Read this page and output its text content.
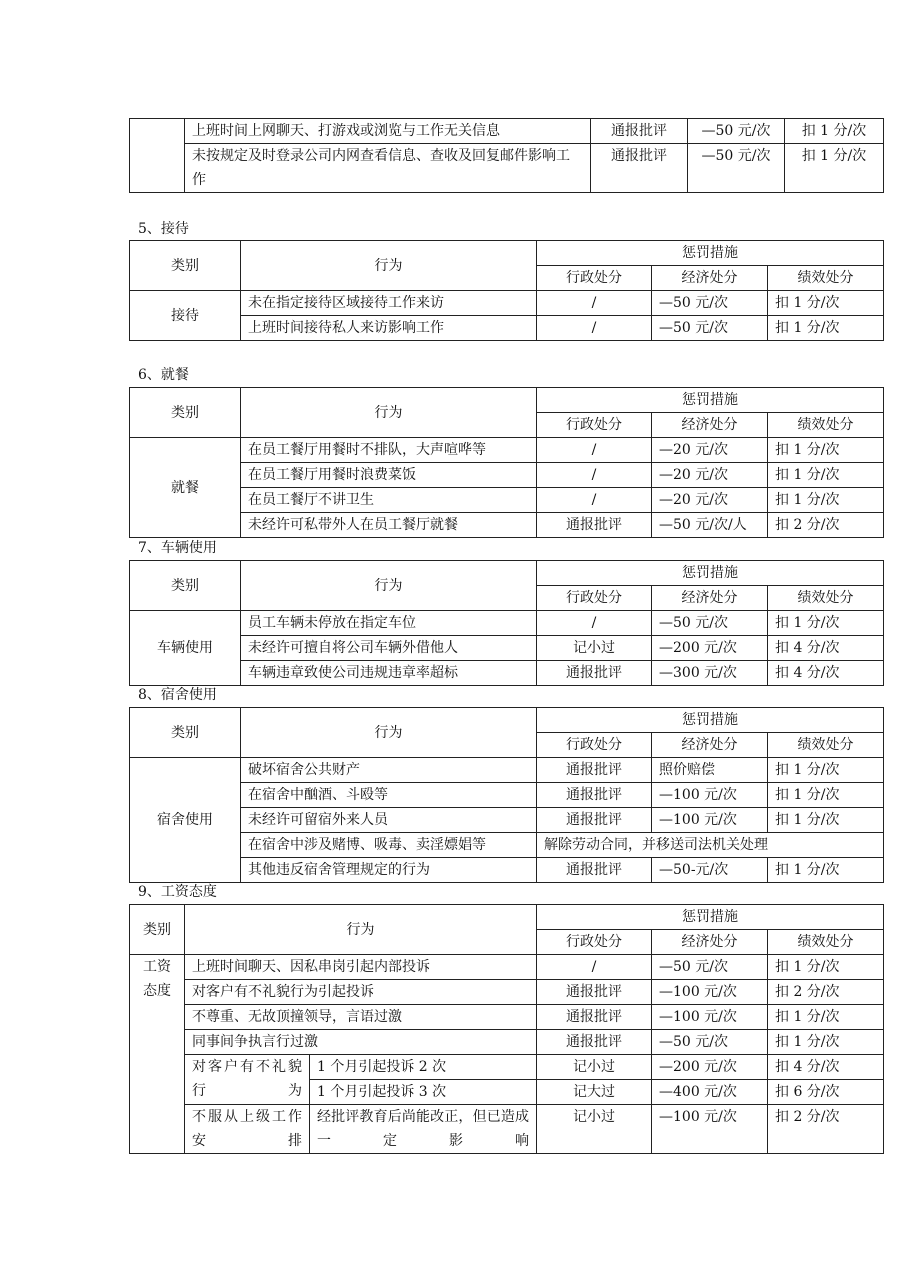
	上班时间上网聊天、打游戏或浏览与工作无关信息	通报批评	—50 元/次	扣 1 分/次
	未按规定及时登录公司内网查看信息、查收及回复邮件影响工作	通报批评	—50 元/次	扣 1 分/次
5、接待
类别	行为	惩罚措施		
		行政处分	经济处分	绩效处分
接待	未在指定接待区域接待工作来访	/	—50 元/次	扣 1 分/次
	上班时间接待私人来访影响工作	/	—50 元/次	扣 1 分/次
6、就餐
类别	行为	惩罚措施		
		行政处分	经济处分	绩效处分
就餐	在员工餐厅用餐时不排队，大声喧哗等	/	—20 元/次	扣 1 分/次
	在员工餐厅用餐时浪费菜饭	/	—20 元/次	扣 1 分/次
	在员工餐厅不讲卫生	/	—20 元/次	扣 1 分/次
	未经许可私带外人在员工餐厅就餐	通报批评	—50 元/次/人	扣 2 分/次
7、车辆使用
类别	行为	惩罚措施		
		行政处分	经济处分	绩效处分
车辆使用	员工车辆未停放在指定车位	/	—50 元/次	扣 1 分/次
	未经许可擅自将公司车辆外借他人	记小过	—200 元/次	扣 4 分/次
	车辆违章致使公司违规违章率超标	通报批评	—300 元/次	扣 4 分/次
8、宿舍使用
类别	行为	惩罚措施		
		行政处分	经济处分	绩效处分
宿舍使用	破坏宿舍公共财产	通报批评	照价赔偿	扣 1 分/次
	在宿舍中酗酒、斗殴等	通报批评	—100 元/次	扣 1 分/次
	未经许可留宿外来人员	通报批评	—100 元/次	扣 1 分/次
	在宿舍中涉及赌博、吸毒、卖淫嫖娼等	解除劳动合同，并移送司法机关处理		
	其他违反宿舍管理规定的行为	通报批评	—50-元/次	扣 1 分/次
9、工资态度
类别	行为		惩罚措施		
			行政处分	经济处分	绩效处分
工资态度	上班时间聊天、因私串岗引起内部投诉		/	—50 元/次	扣 1 分/次
	对客户有不礼貌行为引起投诉		通报批评	—100 元/次	扣 2 分/次
	不尊重、无故顶撞领导，言语过激		通报批评	—100 元/次	扣 1 分/次
	同事间争执言行过激		通报批评	—50 元/次	扣 1 分/次
	对客户有不礼貌行为	1 个月引起投诉 2 次	记小过	—200 元/次	扣 4 分/次
		1 个月引起投诉 3 次	记大过	—400 元/次	扣 6 分/次
	不服从上级工作安排	经批评教育后尚能改正，但已造成一定影响	记小过	—100 元/次	扣 2 分/次
